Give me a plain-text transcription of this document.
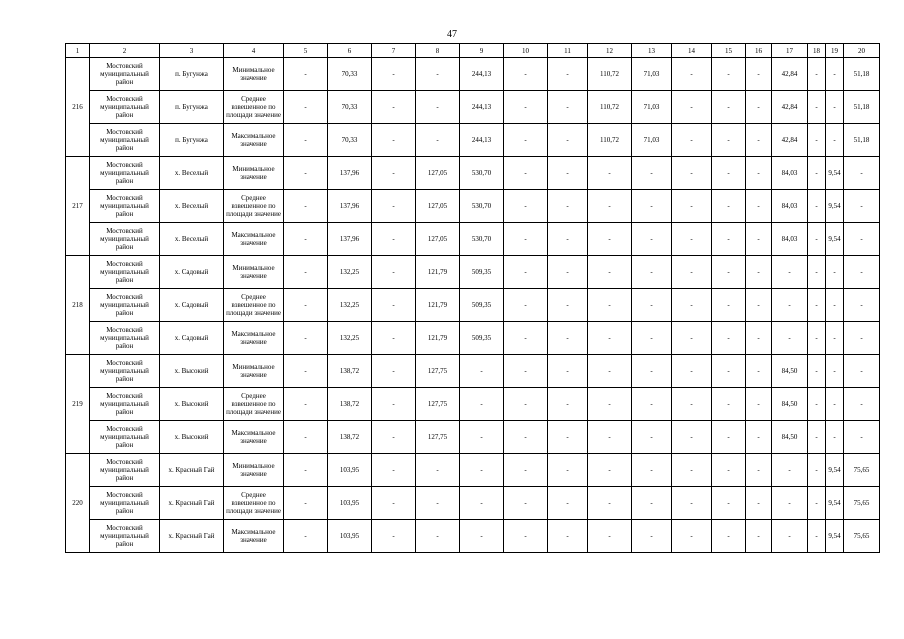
47
1	2	3	4	5	6	7	8	9	10	11	12	13	14	15	16	17	18	19	20
216	Мостовский муниципальный район	п. Бугунжа	Минимальное значение	-	70,33	-	-	244,13	-	-	110,72	71,03	-	-	-	42,84	-	-	51,18
	Мостовский муниципальный район	п. Бугунжа	Среднее взвешенное по площади значение	-	70,33	-	-	244,13	-	-	110,72	71,03	-	-	-	42,84	-	-	51,18
	Мостовский муниципальный район	п. Бугунжа	Максимальное значение	-	70,33	-	-	244,13	-	-	110,72	71,03	-	-	-	42,84	-	-	51,18
217	Мостовский муниципальный район	х. Веселый	Минимальное значение	-	137,96	-	127,05	530,70	-	-	-	-	-	-	-	84,03	-	9,54	-
	Мостовский муниципальный район	х. Веселый	Среднее взвешенное по площади значение	-	137,96	-	127,05	530,70	-	-	-	-	-	-	-	84,03	-	9,54	-
	Мостовский муниципальный район	х. Веселый	Максимальное значение	-	137,96	-	127,05	530,70	-	-	-	-	-	-	-	84,03	-	9,54	-
218	Мостовский муниципальный район	х. Садовый	Минимальное значение	-	132,25	-	121,79	509,35	-	-	-	-	-	-	-	-	-	-	-
	Мостовский муниципальный район	х. Садовый	Среднее взвешенное по площади значение	-	132,25	-	121,79	509,35	-	-	-	-	-	-	-	-	-	-	-
	Мостовский муниципальный район	х. Садовый	Максимальное значение	-	132,25	-	121,79	509,35	-	-	-	-	-	-	-	-	-	-	-
219	Мостовский муниципальный район	х. Высокий	Минимальное значение	-	138,72	-	127,75	-	-	-	-	-	-	-	-	84,50	-	-	-
	Мостовский муниципальный район	х. Высокий	Среднее взвешенное по площади значение	-	138,72	-	127,75	-	-	-	-	-	-	-	-	84,50	-	-	-
	Мостовский муниципальный район	х. Высокий	Максимальное значение	-	138,72	-	127,75	-	-	-	-	-	-	-	-	84,50	-	-	-
220	Мостовский муниципальный район	х. Красный Гай	Минимальное значение	-	103,95	-	-	-	-	-	-	-	-	-	-	-	-	9,54	75,65
	Мостовский муниципальный район	х. Красный Гай	Среднее взвешенное по площади значение	-	103,95	-	-	-	-	-	-	-	-	-	-	-	-	9,54	75,65
	Мостовский муниципальный район	х. Красный Гай	Максимальное значение	-	103,95	-	-	-	-	-	-	-	-	-	-	-	-	9,54	75,65
